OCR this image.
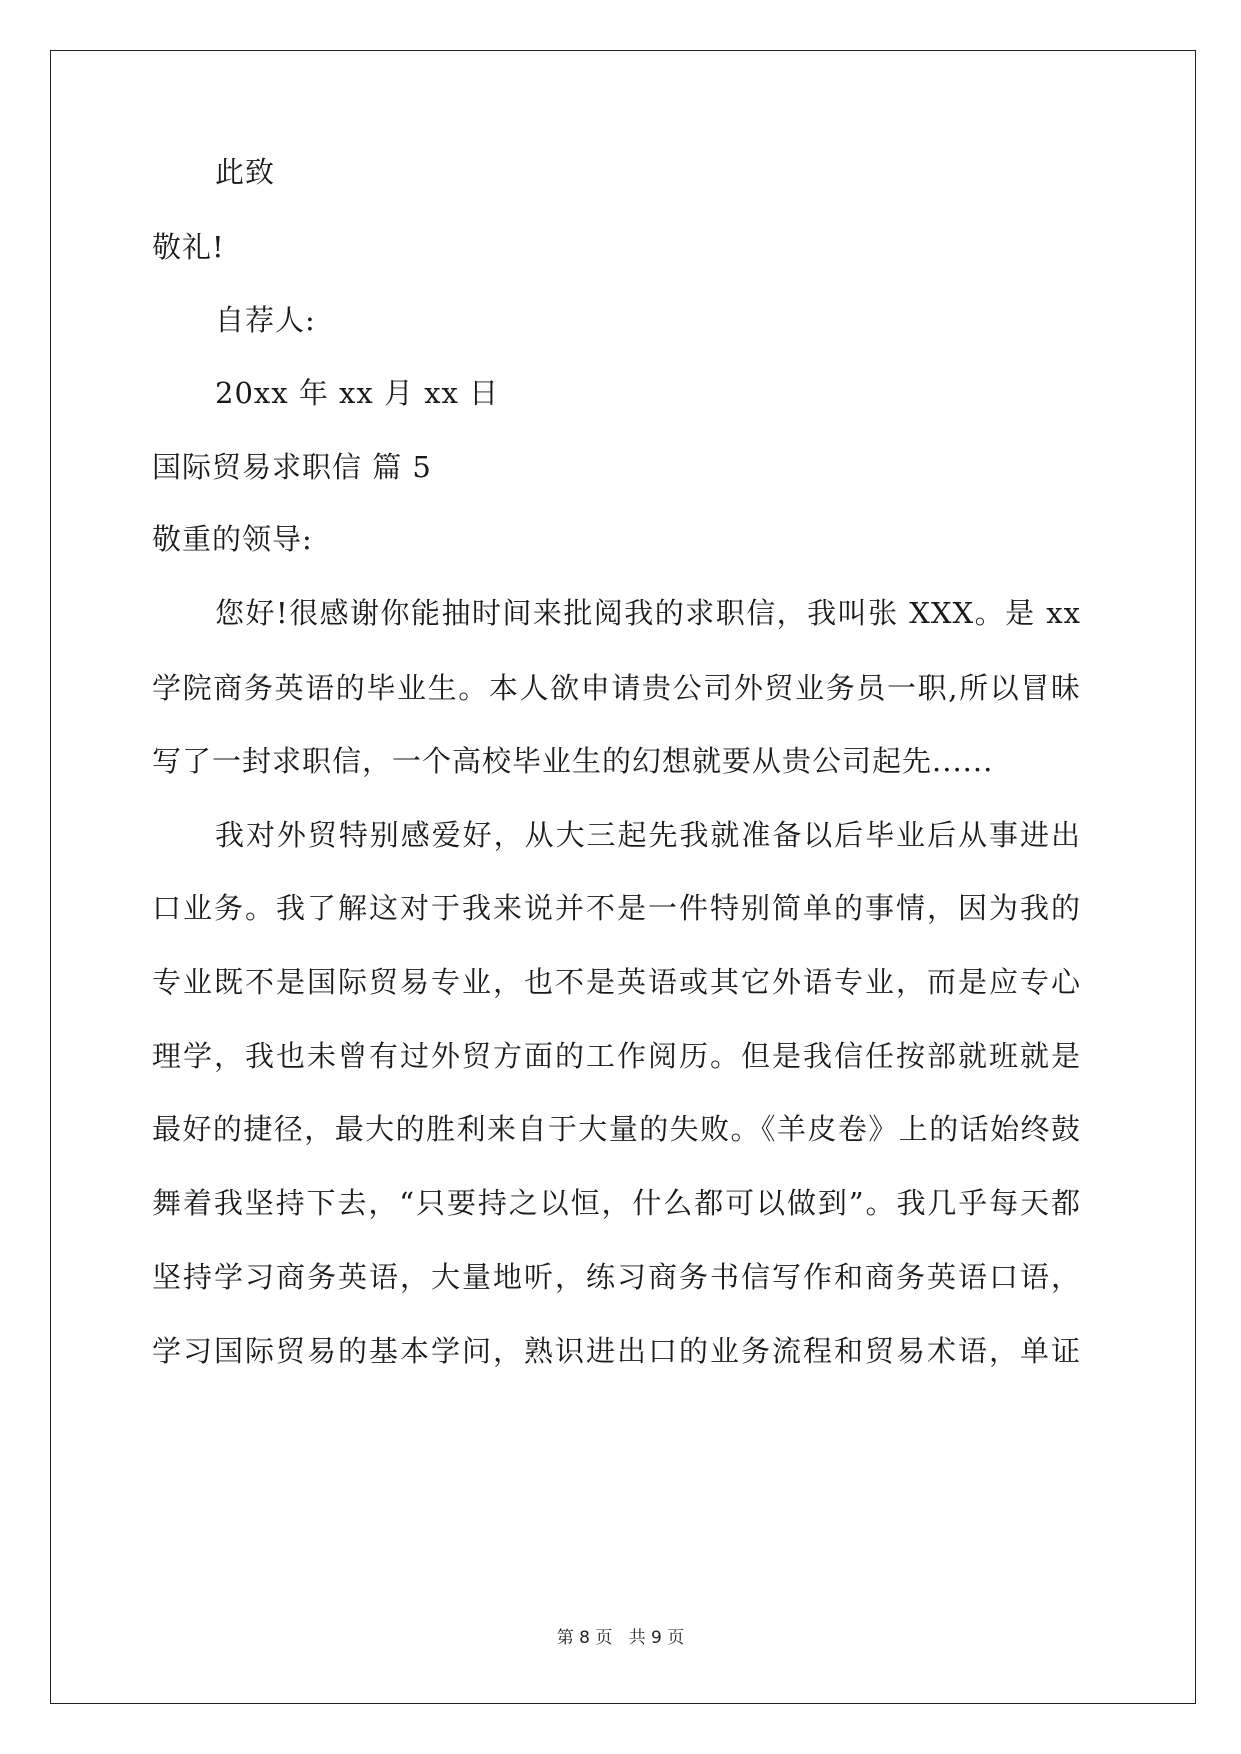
此致
敬礼!
自荐人:
20xx 年 xx 月 xx 日
国际贸易求职信 篇 5
敬重的领导:
您好!很感谢你能抽时间来批阅我的求职信，我叫张 XXX。是 xx
学院商务英语的毕业生。本人欲申请贵公司外贸业务员一职,所以冒昧
写了一封求职信，一个高校毕业生的幻想就要从贵公司起先......
我对外贸特别感爱好，从大三起先我就准备以后毕业后从事进出
口业务。我了解这对于我来说并不是一件特别简单的事情，因为我的
专业既不是国际贸易专业，也不是英语或其它外语专业，而是应专心
理学，我也未曾有过外贸方面的工作阅历。但是我信任按部就班就是
最好的捷径，最大的胜利来自于大量的失败。《羊皮卷》上的话始终鼓
舞着我坚持下去，“只要持之以恒，什么都可以做到”。我几乎每天都
坚持学习商务英语，大量地听，练习商务书信写作和商务英语口语，
学习国际贸易的基本学问，熟识进出口的业务流程和贸易术语，单证
第 8 页   共 9 页
